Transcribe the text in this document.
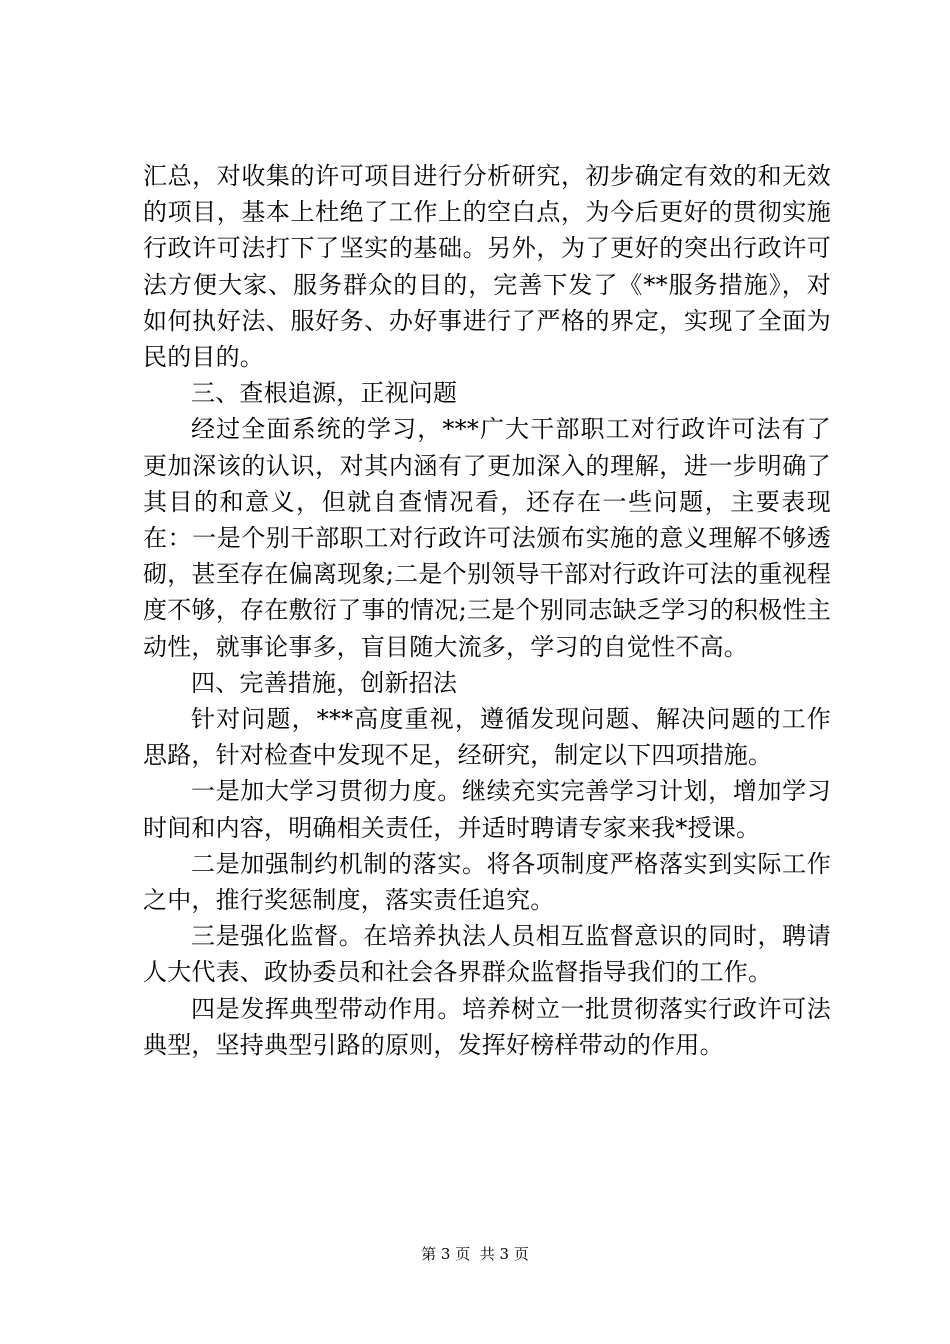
汇总，对收集的许可项目进行分析研究，初步确定有效的和无效的项目，基本上杜绝了工作上的空白点，为今后更好的贯彻实施行政许可法打下了坚实的基础。另外，为了更好的突出行政许可法方便大家、服务群众的目的，完善下发了《**服务措施》，对如何执好法、服好务、办好事进行了严格的界定，实现了全面为民的目的。

三、查根追源，正视问题

经过全面系统的学习，***广大干部职工对行政许可法有了更加深该的认识，对其内涵有了更加深入的理解，进一步明确了其目的和意义，但就自查情况看，还存在一些问题，主要表现在：一是个别干部职工对行政许可法颁布实施的意义理解不够透砌，甚至存在偏离现象;二是个别领导干部对行政许可法的重视程度不够，存在敷衍了事的情况;三是个别同志缺乏学习的积极性主动性，就事论事多，盲目随大流多，学习的自觉性不高。

四、完善措施，创新招法

针对问题，***高度重视，遵循发现问题、解决问题的工作思路，针对检查中发现不足，经研究，制定以下四项措施。

一是加大学习贯彻力度。继续充实完善学习计划，增加学习时间和内容，明确相关责任，并适时聘请专家来我*授课。

二是加强制约机制的落实。将各项制度严格落实到实际工作之中，推行奖惩制度，落实责任追究。

三是强化监督。在培养执法人员相互监督意识的同时，聘请人大代表、政协委员和社会各界群众监督指导我们的工作。

四是发挥典型带动作用。培养树立一批贯彻落实行政许可法典型，坚持典型引路的原则，发挥好榜样带动的作用。

第 3 页  共 3 页
